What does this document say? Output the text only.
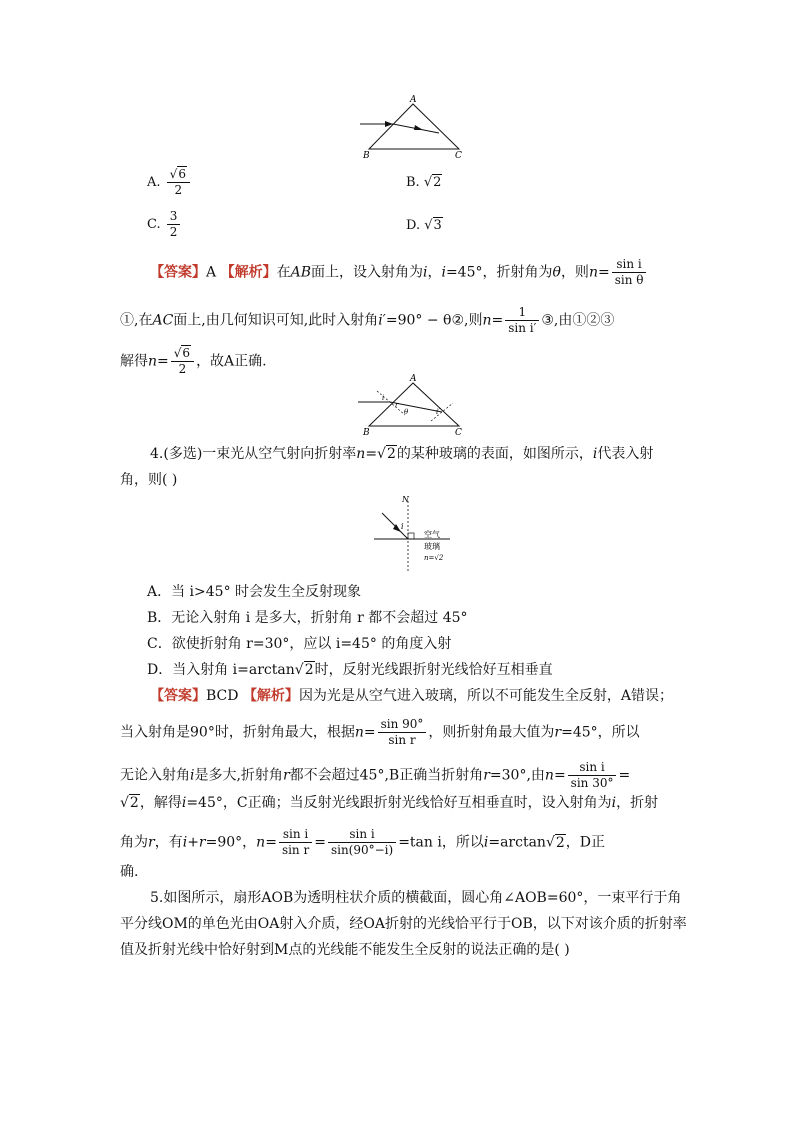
A
B	C
A. $\frac{√6}{2}$	B. √2
C. $\frac{3}{2}$	D. √3
【答案】A 【解析】在AB面上，设入射角为i，i=45°，折射角为θ，则$n= \frac{\text{sin i}}{\text{sin θ}}$
①,在AC面上,由几何知识可知,此时入射角i′=90° − θ②,则$n= \frac{1}{\text{sin i′}}$ ③,由①②③
解得$n= \frac{√6}{2}$ ，故A正确.
A
B	C
i
r
θ	i′
4.(多选)一束光从空气射向折射率n=√2的某种玻璃的表面，如图所示，i代表入射
角，则( )
N
i
空气
玻璃
n=√2
A．当 i>45° 时会发生全反射现象
B．无论入射角 i 是多大，折射角 r 都不会超过 45°
C．欲使折射角 r=30°，应以 i=45° 的角度入射
D．当入射角 i=arctan√2时，反射光线跟折射光线恰好互相垂直
【答案】BCD 【解析】因为光是从空气进入玻璃，所以不可能发生全反射，A错误；
当入射角是90°时，折射角最大，根据$n= \frac{\sin 90^\circ}{\text{sin r}}$ ，则折射角最大值为r=45°，所以
无论入射角i是多大,折射角r都不会超过45°,B正确当折射角r=30°,由$n= \frac{\text{sin i}}{\sin 30^\circ}$ =
√2，解得i=45°，C正确；当反射光线跟折射光线恰好互相垂直时，设入射角为i，折射
角为r，有i+r=90°，$n= \frac{\text{sin i}}{\text{sin r}} = \frac{\text{sin i}}{\sin(90^\circ-i)} =\tan$ i，所以i=arctan√2，D正
确.
5.如图所示，扇形AOB为透明柱状介质的横截面，圆心角∠AOB=60°，一束平行于角
平分线OM的单色光由OA射入介质，经OA折射的光线恰平行于OB，以下对该介质的折射率
值及折射光线中恰好射到M点的光线能不能发生全反射的说法正确的是( )
